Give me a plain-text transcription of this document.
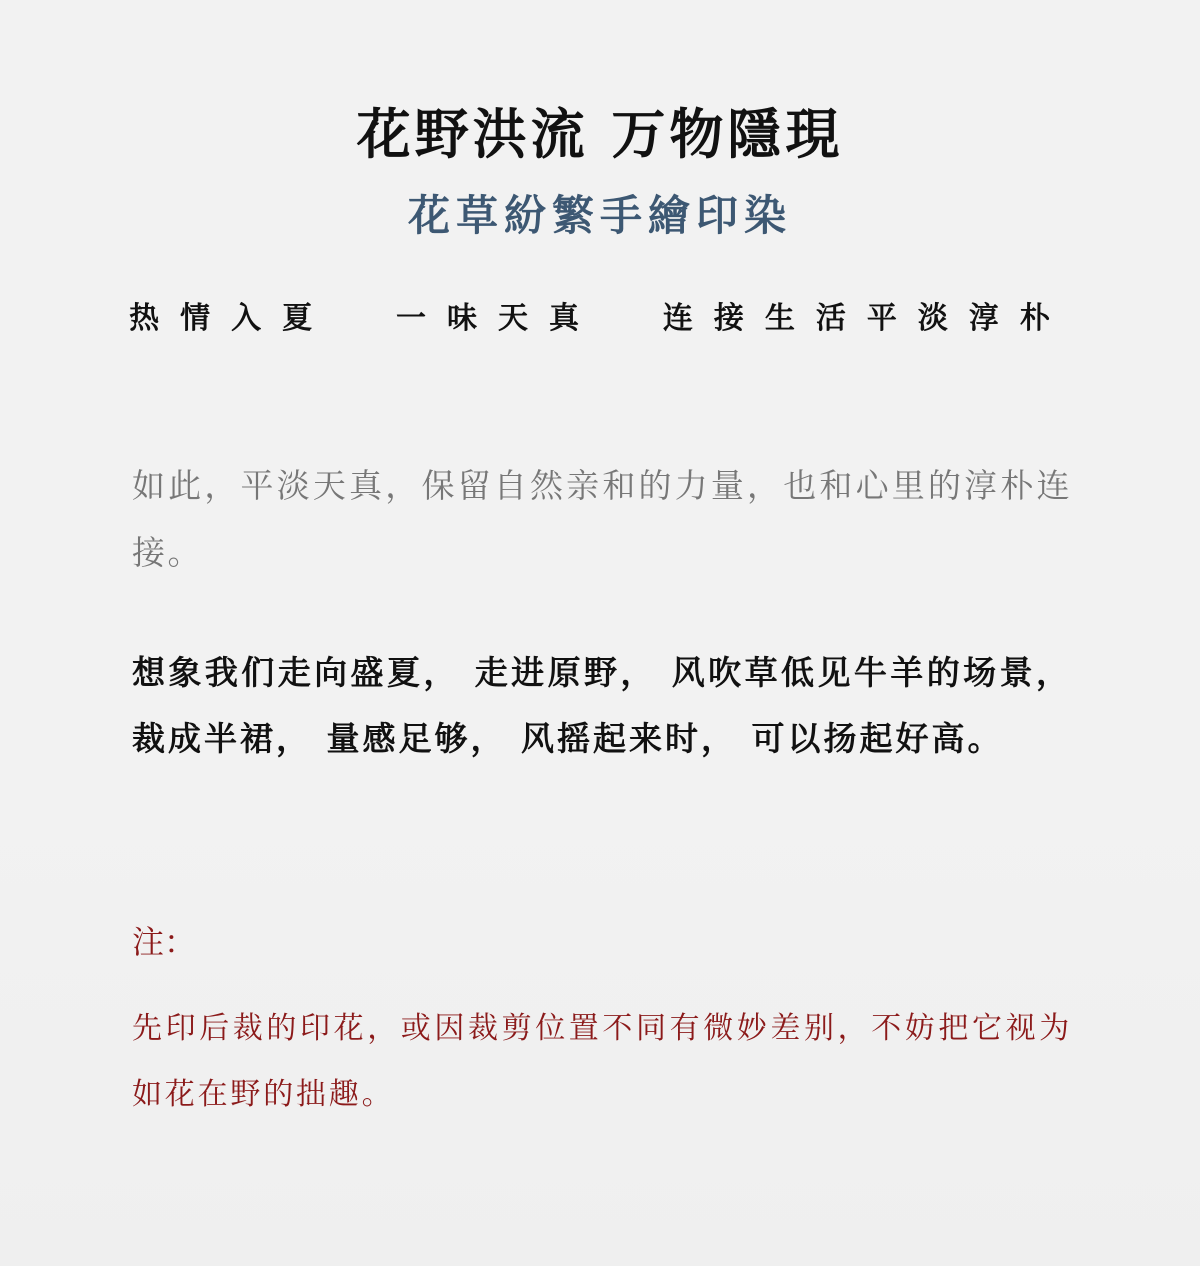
花野洪流 万物隱現
花草紛繁手繪印染

热情入夏  一味天真  连接生活平淡淳朴

如此，平淡天真，保留自然亲和的力量，也和心里的淳朴连接。

想象我们走向盛夏， 走进原野， 风吹草低见牛羊的场景， 裁成半裙， 量感足够， 风摇起来时， 可以扬起好高。

注：

先印后裁的印花，或因裁剪位置不同有微妙差别，不妨把它视为如花在野的拙趣。
